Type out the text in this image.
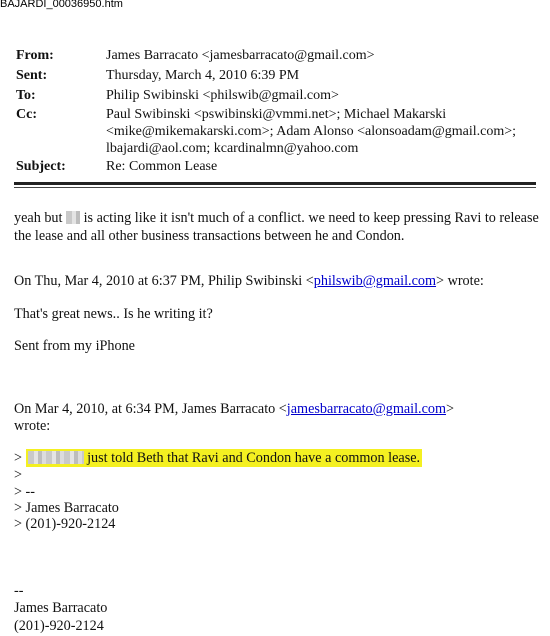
BAJARDI_00036950.htm
From:	James Barracato <jamesbarracato@gmail.com>
Sent:	Thursday, March 4, 2010 6:39 PM
To:	Philip Swibinski <philswib@gmail.com>
Cc:	Paul Swibinski <pswibinski@vmmi.net>; Michael Makarski
<mike@mikemakarski.com>; Adam Alonso <alonsoadam@gmail.com>;
lbajardi@aol.com; kcardinalmn@yahoo.com
Subject:	Re: Common Lease
yeah but is acting like it isn't much of a conflict. we need to keep pressing Ravi to release
the lease and all other business transactions between he and Condon.
On Thu, Mar 4, 2010 at 6:37 PM, Philip Swibinski <philswib@gmail.com> wrote:
That's great news.. Is he writing it?
Sent from my iPhone
On Mar 4, 2010, at 6:34 PM, James Barracato <jamesbarracato@gmail.com>
wrote:
>	just told Beth that Ravi and Condon have a common lease.
>
> --
> James Barracato
> (201)-920-2124
--
James Barracato
(201)-920-2124
